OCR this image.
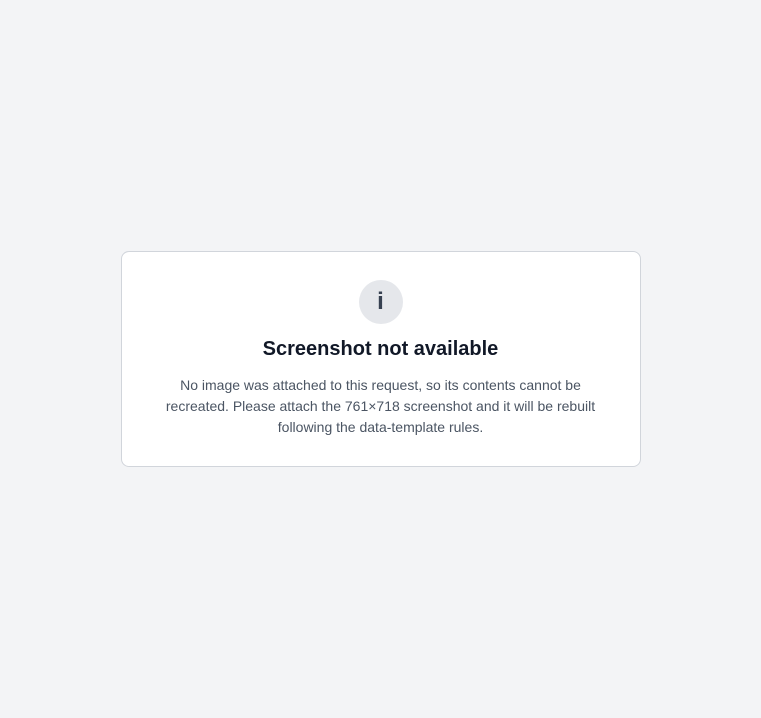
i
Screenshot not available

No image was attached to this request, so its contents cannot be recreated. Please attach the 761×718 screenshot and it will be rebuilt following the data-template rules.
